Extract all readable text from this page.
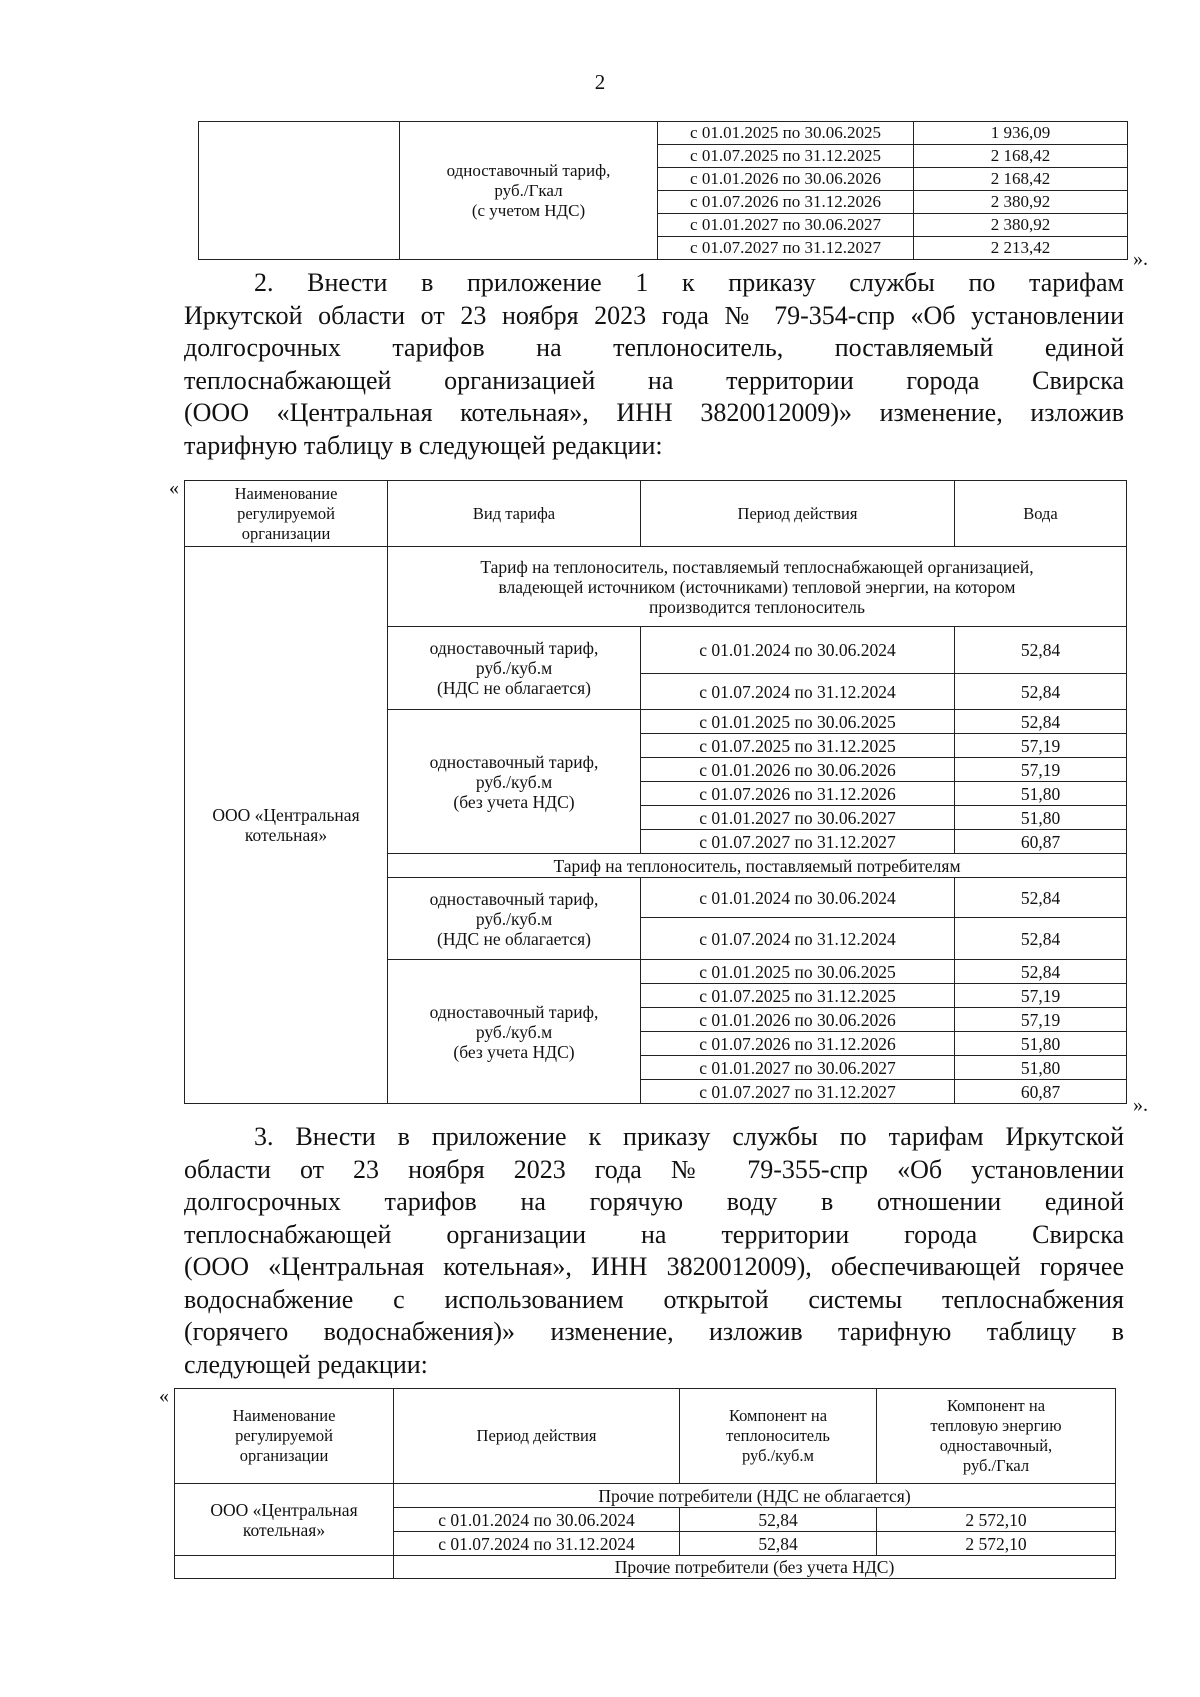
2
	одноставочный тариф,
руб./Гкал
(с учетом НДС)	с 01.01.2025 по 30.06.2025	1 936,09
		с 01.07.2025 по 31.12.2025	2 168,42
		с 01.01.2026 по 30.06.2026	2 168,42
		с 01.07.2026 по 31.12.2026	2 380,92
		с 01.01.2027 по 30.06.2027	2 380,92
		с 01.07.2027 по 31.12.2027	2 213,42
».
2. Внести в приложение 1 к приказу службы по тарифам
Иркутской области от 23 ноября 2023 года № 79-354-спр «Об установлении
долгосрочных тарифов на теплоноситель, поставляемый единой
теплоснабжающей организацией на территории города Свирска
(ООО «Центральная котельная», ИНН 3820012009)» изменение, изложив
тарифную таблицу в следующей редакции:
«	Наименование
регулируемой
организации	Вид тарифа	Период действия	Вода
ООО «Центральная
котельная»	Тариф на теплоноситель, поставляемый теплоснабжающей организацией,
владеющей источником (источниками) тепловой энергии, на котором
производится теплоноситель		
	одноставочный тариф,
руб./куб.м
(НДС не облагается)	с 01.01.2024 по 30.06.2024	52,84
		с 01.07.2024 по 31.12.2024	52,84
	одноставочный тариф,
руб./куб.м
(без учета НДС)	с 01.01.2025 по 30.06.2025	52,84
		с 01.07.2025 по 31.12.2025	57,19
		с 01.01.2026 по 30.06.2026	57,19
		с 01.07.2026 по 31.12.2026	51,80
		с 01.01.2027 по 30.06.2027	51,80
		с 01.07.2027 по 31.12.2027	60,87
	Тариф на теплоноситель, поставляемый потребителям		
	одноставочный тариф,
руб./куб.м
(НДС не облагается)	с 01.01.2024 по 30.06.2024	52,84
		с 01.07.2024 по 31.12.2024	52,84
	одноставочный тариф,
руб./куб.м
(без учета НДС)	с 01.01.2025 по 30.06.2025	52,84
		с 01.07.2025 по 31.12.2025	57,19
		с 01.01.2026 по 30.06.2026	57,19
		с 01.07.2026 по 31.12.2026	51,80
		с 01.01.2027 по 30.06.2027	51,80
		с 01.07.2027 по 31.12.2027	60,87
».
3. Внести в приложение к приказу службы по тарифам Иркутской
области от 23 ноября 2023 года № 79-355-спр «Об установлении
долгосрочных тарифов на горячую воду в отношении единой
теплоснабжающей организации на территории города Свирска
(ООО «Центральная котельная», ИНН 3820012009), обеспечивающей горячее
водоснабжение с использованием открытой системы теплоснабжения
(горячего водоснабжения)» изменение, изложив тарифную таблицу в
следующей редакции:
«
Наименование
регулируемой
организации	Период действия	Компонент на
теплоноситель
руб./куб.м	Компонент на
тепловую энергию
одноставочный,
руб./Гкал
ООО «Центральная
котельная»	Прочие потребители (НДС не облагается)		
	с 01.01.2024 по 30.06.2024	52,84	2 572,10
	с 01.07.2024 по 31.12.2024	52,84	2 572,10
	Прочие потребители (без учета НДС)		
